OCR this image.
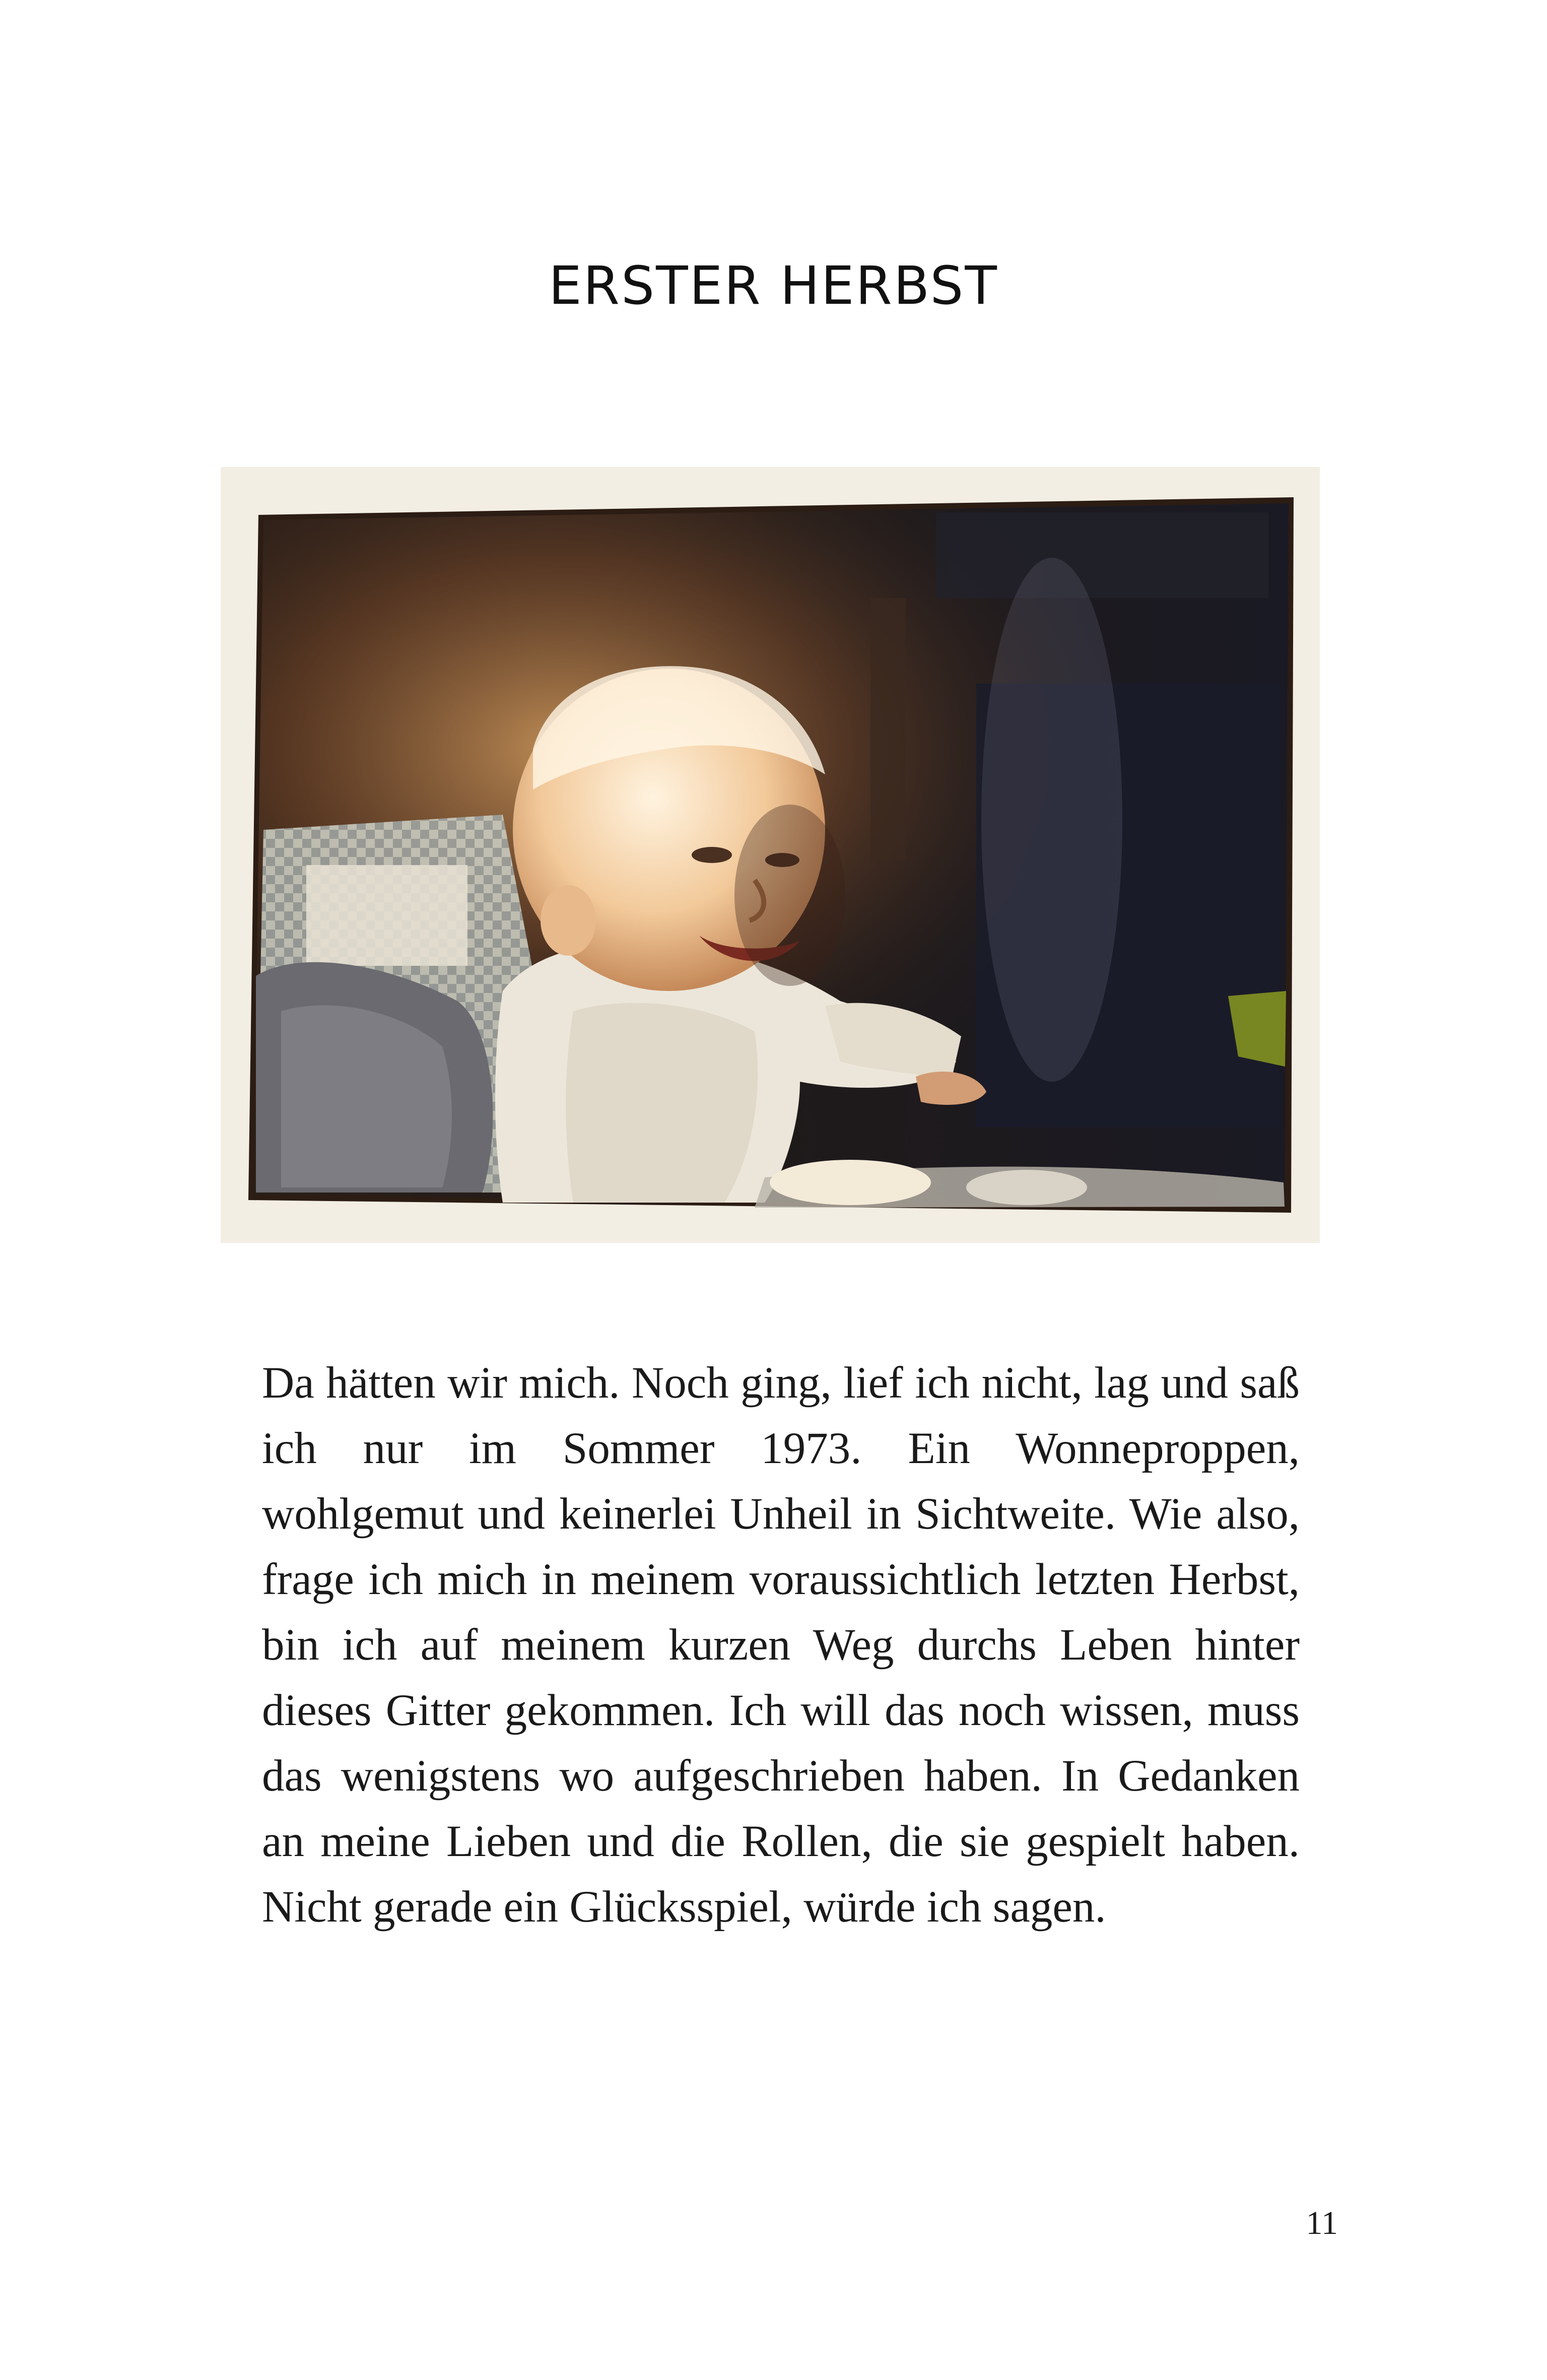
ERSTER HERBST

Da hätten wir mich. Noch ging, lief ich nicht, lag und saß ich nur im Sommer 1973. Ein Wonneproppen, wohlgemut und keinerlei Unheil in Sichtweite. Wie also, frage ich mich in meinem voraussichtlich letzten Herbst, bin ich auf meinem kurzen Weg durchs Leben hinter dieses Gitter gekommen. Ich will das noch wissen, muss das wenigstens wo aufgeschrieben haben. In Gedanken an meine Lieben und die Rollen, die sie gespielt haben. Nicht gerade ein Glücksspiel, würde ich sagen.

11
